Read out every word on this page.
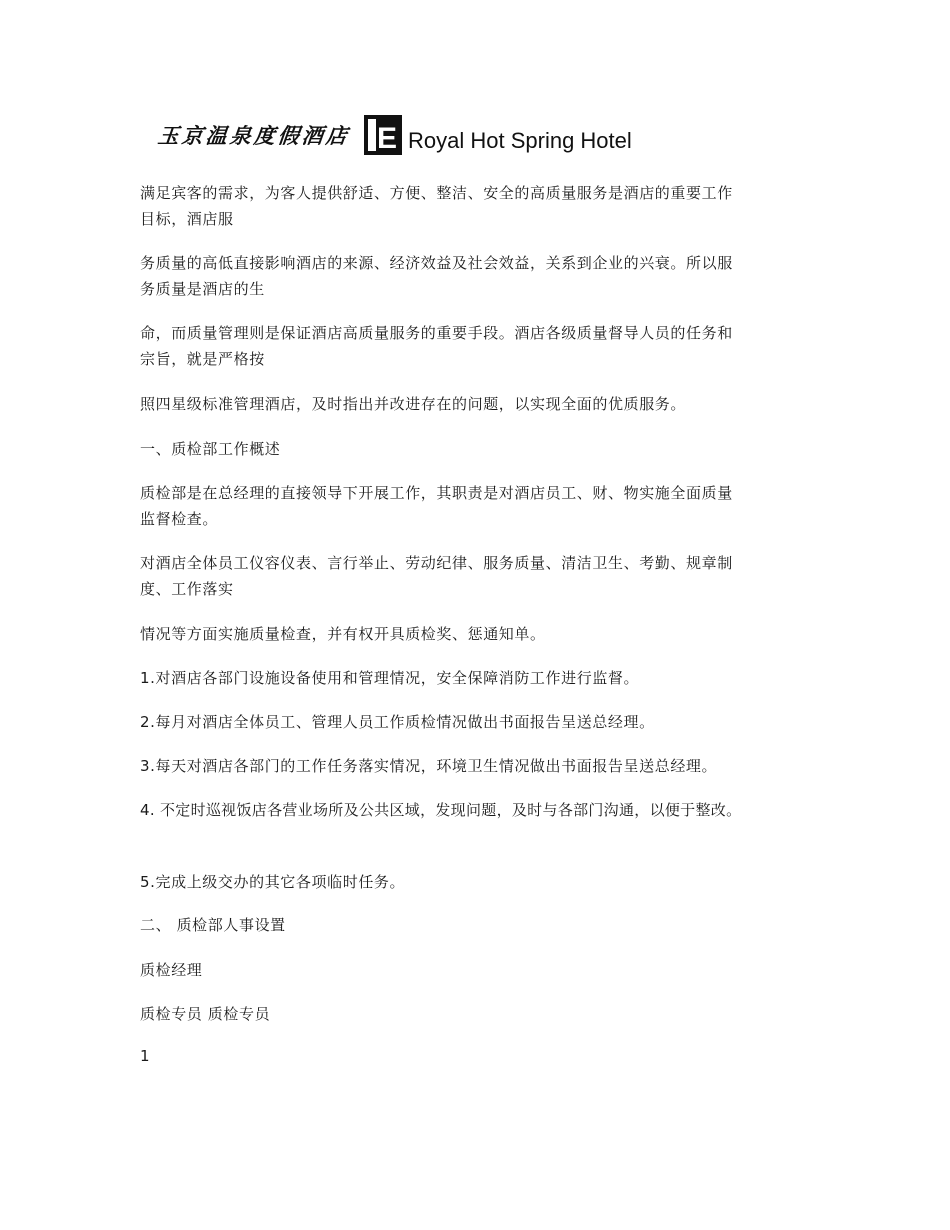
玉京温泉度假酒店 E Royal Hot Spring Hotel

满足宾客的需求，为客人提供舒适、方便、整洁、安全的高质量服务是酒店的重要工作
目标，酒店服

务质量的高低直接影响酒店的来源、经济效益及社会效益，关系到企业的兴衰。所以服
务质量是酒店的生

命，而质量管理则是保证酒店高质量服务的重要手段。酒店各级质量督导人员的任务和
宗旨，就是严格按

照四星级标准管理酒店，及时指出并改进存在的问题，以实现全面的优质服务。

一、质检部工作概述

质检部是在总经理的直接领导下开展工作，其职责是对酒店员工、财、物实施全面质量
监督检查。

对酒店全体员工仪容仪表、言行举止、劳动纪律、服务质量、清洁卫生、考勤、规章制
度、工作落实

情况等方面实施质量检查，并有权开具质检奖、惩通知单。

1.对酒店各部门设施设备使用和管理情况，安全保障消防工作进行监督。

2.每月对酒店全体员工、管理人员工作质检情况做出书面报告呈送总经理。

3.每天对酒店各部门的工作任务落实情况，环境卫生情况做出书面报告呈送总经理。

4. 不定时巡视饭店各营业场所及公共区域，发现问题，及时与各部门沟通，以便于整改。

5.完成上级交办的其它各项临时任务。

二、 质检部人事设置

质检经理

质检专员 质检专员

1
